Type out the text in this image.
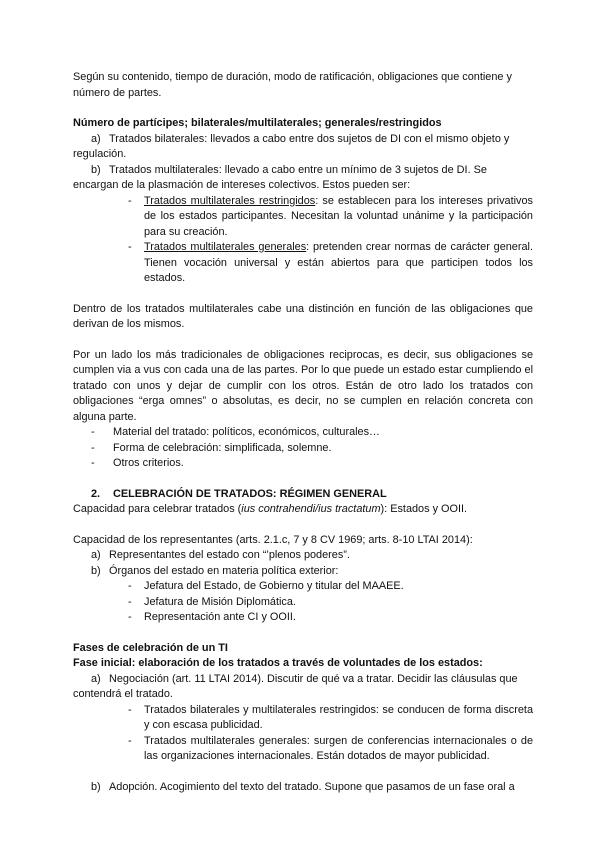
Según su contenido, tiempo de duración, modo de ratificación, obligaciones que contiene y número de partes.

Número de partícipes; bilaterales/multilaterales; generales/restringidos

a) Tratados bilaterales: llevados a cabo entre dos sujetos de DI con el mismo objeto y

regulación.

b) Tratados multilaterales: llevado a cabo entre un mínimo de 3 sujetos de DI. Se

encargan de la plasmación de intereses colectivos. Estos pueden ser:

-	Tratados multilaterales restringidos: se establecen para los intereses privativos de los estados participantes. Necesitan la voluntad unánime y la participación para su creación.
-	Tratados multilaterales generales: pretenden crear normas de carácter general. Tienen vocación universal y están abiertos para que participen todos los estados.

Dentro de los tratados multilaterales cabe una distinción en función de las obligaciones que derivan de los mismos.

Por un lado los más tradicionales de obligaciones reciprocas, es decir, sus obligaciones se cumplen via a vus con cada una de las partes. Por lo que puede un estado estar cumpliendo el tratado con unos y dejar de cumplir con los otros. Están de otro lado los tratados con obligaciones “erga omnes” o absolutas, es decir, no se cumplen en relación concreta con alguna parte.

-	Material del tratado: políticos, económicos, culturales…
-	Forma de celebración: simplificada, solemne.
-	Otros criterios.
2.	CELEBRACIÓN DE TRATADOS: RÉGIMEN GENERAL

Capacidad para celebrar tratados (ius contrahendi/ius tractatum): Estados y OOII.

Capacidad de los representantes (arts. 2.1.c, 7 y 8 CV 1969; arts. 8-10 LTAI 2014):

a) Representantes del estado con “’plenos poderes”.
b) Órganos del estado en materia política exterior:
-	Jefatura del Estado, de Gobierno y titular del MAAEE.
-	Jefatura de Misión Diplomática.
-	Representación ante CI y OOII.

Fases de celebración de un TI

Fase inicial: elaboración de los tratados a través de voluntades de los estados:

a) Negociación (art. 11 LTAI 2014). Discutir de qué va a tratar. Decidir las cláusulas que

contendrá el tratado.

-	Tratados bilaterales y multilaterales restringidos: se conducen de forma discreta y con escasa publicidad.
-	Tratados multilaterales generales: surgen de conferencias internacionales o de las organizaciones internacionales. Están dotados de mayor publicidad.
b) Adopción. Acogimiento del texto del tratado. Supone que pasamos de un fase oral a
